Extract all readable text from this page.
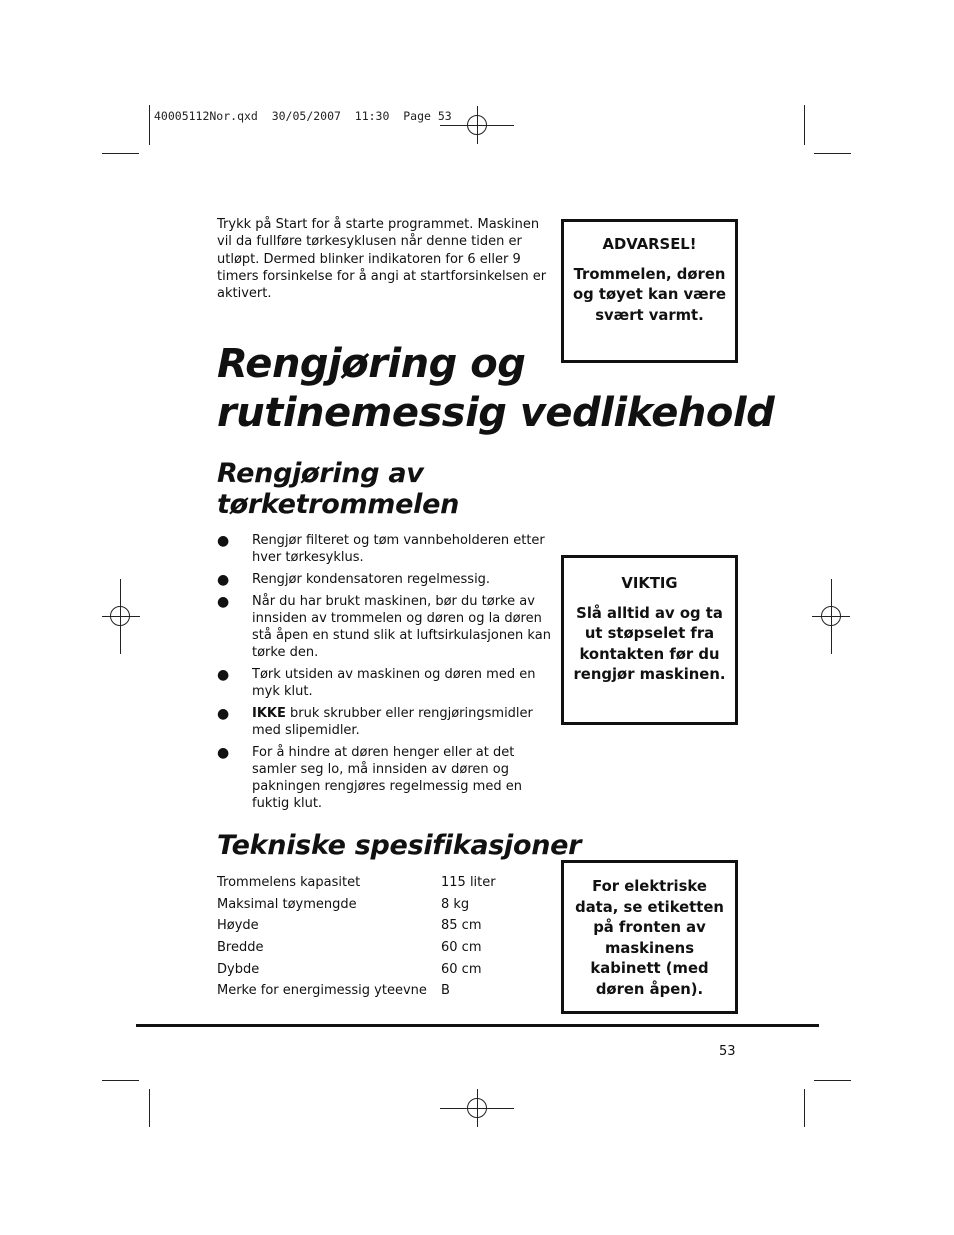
40005112Nor.qxd  30/05/2007  11:30  Page 53

Trykk på Start for å starte programmet. Maskinen vil da fullføre tørkesyklusen når denne tiden er utløpt. Dermed blinker indikatoren for 6 eller 9 timers forsinkelse for å angi at startforsinkelsen er aktivert.

ADVARSEL!

Trommelen, døren og tøyet kan være svært varmt.

Rengjøring og
rutinemessig vedlikehold
Rengjøring av
tørketrommelen
● Rengjør filteret og tøm vannbeholderen etter hver tørkesyklus.
● Rengjør kondensatoren regelmessig.
● Når du har brukt maskinen, bør du tørke av innsiden av trommelen og døren og la døren stå åpen en stund slik at luftsirkulasjonen kan tørke den.
● Tørk utsiden av maskinen og døren med en myk klut.
● IKKE bruk skrubber eller rengjøringsmidler med slipemidler.
● For å hindre at døren henger eller at det samler seg lo, må innsiden av døren og pakningen rengjøres regelmessig med en fuktig klut.

VIKTIG

Slå alltid av og ta ut støpselet fra kontakten før du rengjør maskinen.

Tekniske spesifikasjoner
Trommelens kapasitet	115 liter
Maksimal tøymengde	8 kg
Høyde	85 cm
Bredde	60 cm
Dybde	60 cm
Merke for energimessig yteevne	B

For elektriske data, se etiketten på fronten av maskinens kabinett (med døren åpen).

53
